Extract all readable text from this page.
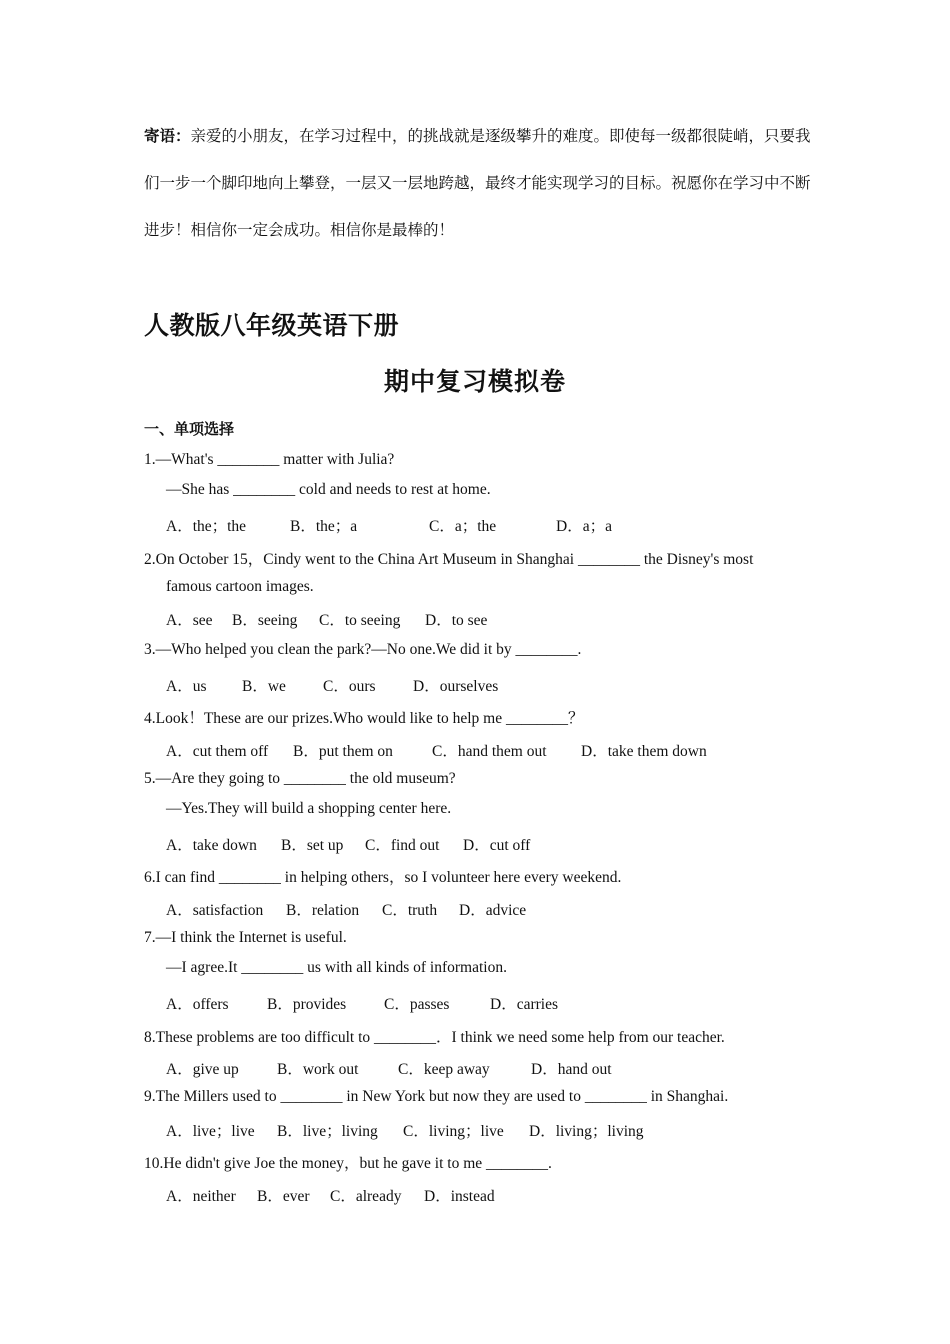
寄语：亲爱的小朋友，在学习过程中，的挑战就是逐级攀升的难度。即使每一级都很陡峭，只要我们一步一个脚印地向上攀登，一层又一层地跨越，最终才能实现学习的目标。祝愿你在学习中不断进步！相信你一定会成功。相信你是最棒的！
人教版八年级英语下册
期中复习模拟卷
一、单项选择
1.—What's ________ matter with Julia?
—She has ________ cold and needs to rest at home.
A．the；the	B．the；a	C．a；the	D．a；a
2.On October 15，Cindy went to the China Art Museum in Shanghai ________ the Disney's most
famous cartoon images.
A．see B．seeing C．to seeing D．to see
3.—Who helped you clean the park?—No one.We did it by ________.
A．us B．we C．ours D．ourselves
4.Look！These are our prizes.Who would like to help me ________？
A．cut them off B．put them on	C．hand them out D．take them down
5.—Are they going to ________ the old museum?
—Yes.They will build a shopping center here.
A．take down B．set up C．find out D．cut off
6.I can find ________ in helping others，so I volunteer here every weekend.
A．satisfaction B．relation C．truth D．advice
7.—I think the Internet is useful.
—I agree.It ________ us with all kinds of information.
A．offers B．provides C．passes	D．carries
8.These problems are too difficult to ________．I think we need some help from our teacher.
A．give up B．work out	C．keep away	D．hand out
9.The Millers used to ________ in New York but now they are used to ________ in Shanghai.
A．live；live B．live；living C．living；live D．living；living
10.He didn't give Joe the money，but he gave it to me ________.
A．neither B．ever C．already D．instead
